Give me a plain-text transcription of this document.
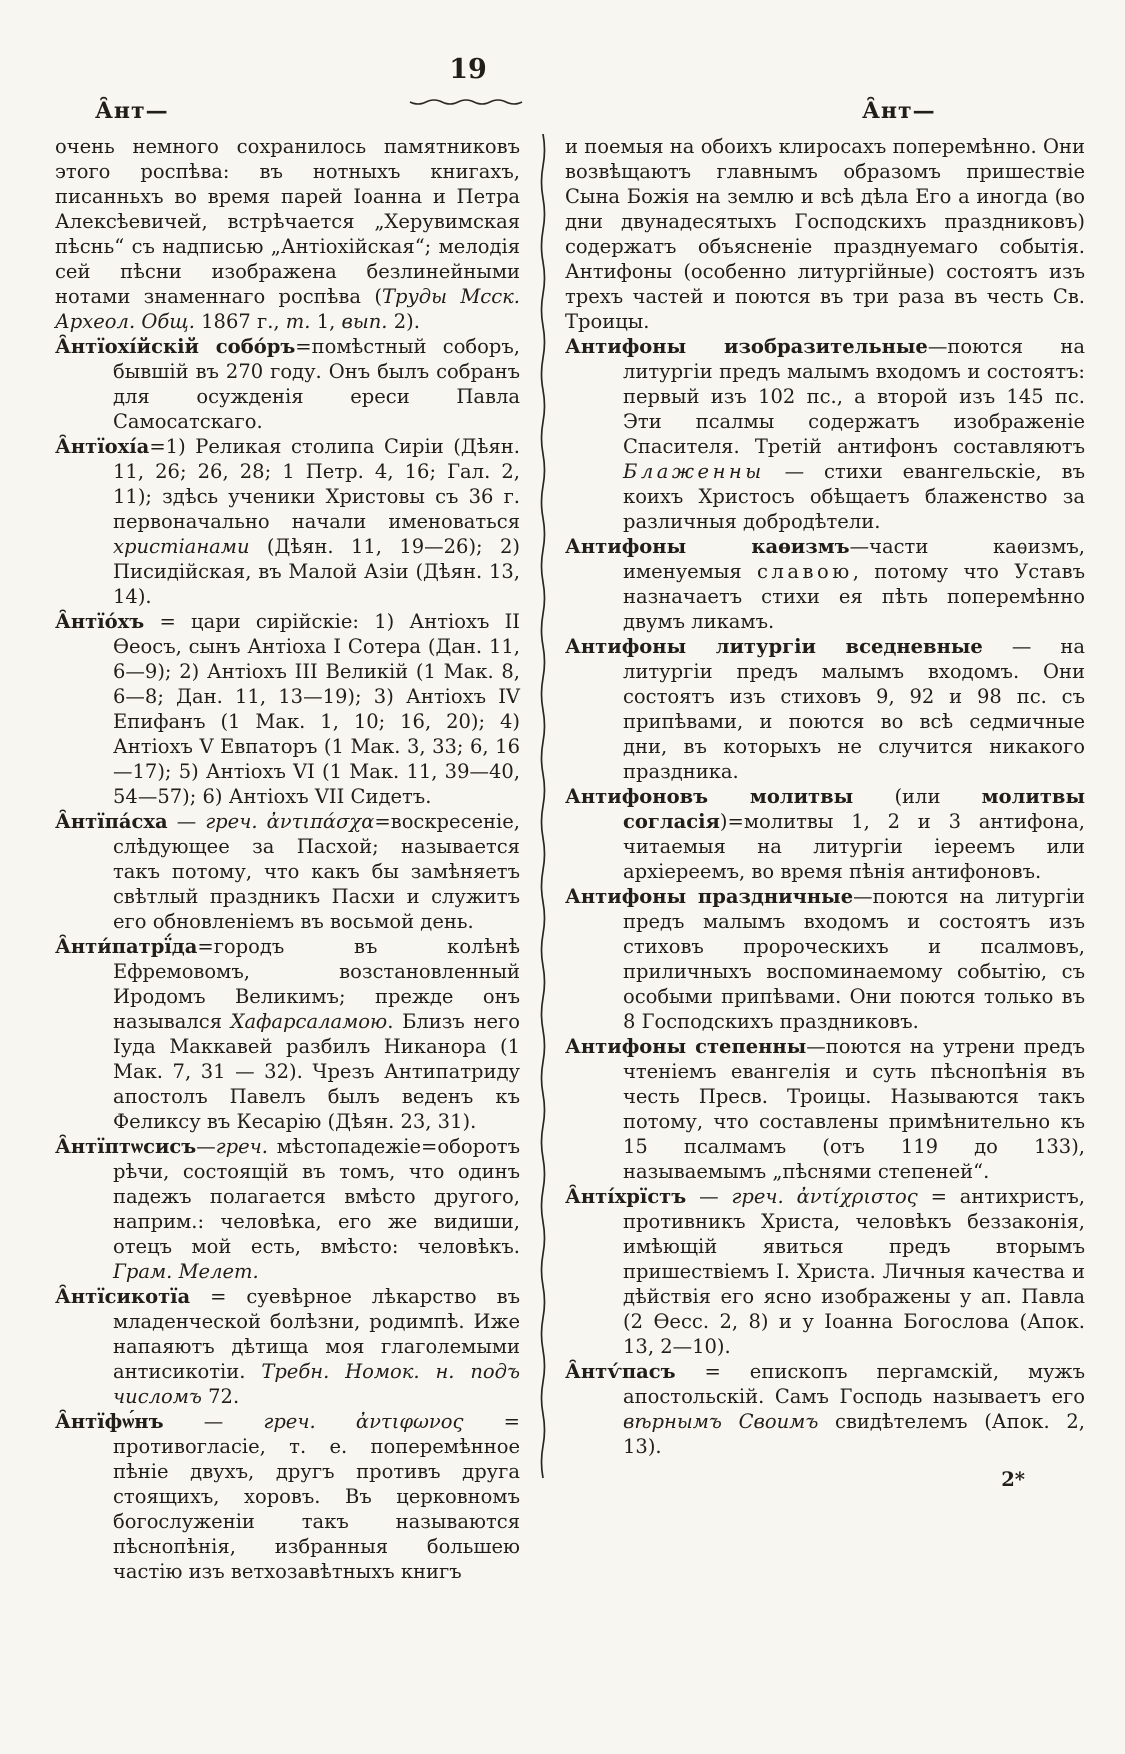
А̑нт—
19
А̑нт—

очень немного сохранилось памятниковъ этого роспѣва: въ нотныхъ книгахъ, писанньхъ во время парей Іоанна и Петра Алексѣевичей, встрѣчается „Херувимская пѣснь“ съ надписью „Антіохійская“; мелодія сей пѣсни изображена безлинейными нотами знаменнаго роспѣва (Труды Мсск. Археол. Общ. 1867 г., т. 1, вып. 2).

А̑нтїохі́йскій собо́ръ=помѣстный соборъ, бывшій въ 270 году. Онъ былъ собранъ для осужденія ереси Павла Самосатскаго.

А̑нтїохі́а=1) Реликая столипа Сиріи (Дѣян. 11, 26; 26, 28; 1 Петр. 4, 16; Гал. 2, 11); здѣсь ученики Христовы съ 36 г. первоначально начали именоваться христіанами (Дѣян. 11, 19—26); 2) Писидійская, въ Малой Азіи (Дѣян. 13, 14).

А̑нтїо́хъ = цари сирійскіе: 1) Антіохъ II Ѳеосъ, сынъ Антіоха I Сотера (Дан. 11, 6—9); 2) Антіохъ III Великій (1 Мак. 8, 6—8; Дан. 11, 13—19); 3) Антіохъ IV Епифанъ (1 Мак. 1, 10; 16, 20); 4) Антіохъ V Евпаторъ (1 Мак. 3, 33; 6, 16—17); 5) Антіохъ VI (1 Мак. 11, 39—40, 54—57); 6) Антіохъ VII Сидетъ.

А̑нтїпа́сха — греч. ἀντιπάσχα=воскресеніе, слѣдующее за Пасхой; называется такъ потому, что какъ бы замѣняетъ свѣтлый праздникъ Пасхи и служитъ его обновленіемъ въ восьмой день.

А̑нти́патрї́да=городъ въ колѣнѣ Ефремовомъ, возстановленный Иродомъ Великимъ; прежде онъ назывался Хафарсаламою. Близъ него Іуда Маккавей разбилъ Никанора (1 Мак. 7, 31 — 32). Чрезъ Антипатриду апостолъ Павелъ былъ веденъ къ Феликсу въ Кесарію (Дѣян. 23, 31).

А̑нтїптѡсисъ—греч. мѣстопадежіе=оборотъ рѣчи, состоящій въ томъ, что одинъ падежъ полагается вмѣсто другого, наприм.: человѣка, его же видиши, отецъ мой есть, вмѣсто: человѣкъ. Грам. Мелет.

А̑нтїсикотїа = суевѣрное лѣкарство въ младенческой болѣзни, родимпѣ. Иже напаяютъ дѣтища моя глаголемыми антисикотіи. Требн. Номок. н. подъ числомъ 72.

А̑нтїфѡ́нъ — греч. ἀντιφωνος = противогласіе, т. е. поперемѣнное пѣніе двухъ, другъ противъ друга стоящихъ, хоровъ. Въ церковномъ богослуженіи такъ называются пѣснопѣнія, избранныя большею частію изъ ветхозавѣтныхъ книгъ

и поемыя на обоихъ клиросахъ поперемѣнно. Они возвѣщаютъ главнымъ образомъ пришествіе Сына Божія на землю и всѣ дѣла Его а иногда (во дни двунадесятыхъ Господскихъ праздниковъ) содержатъ объясненіе празднуемаго событія. Антифоны (особенно литургійные) состоятъ изъ трехъ частей и поются въ три раза въ честь Св. Троицы.

Антифоны изобразительные—поются на литургіи предъ малымъ входомъ и состоятъ: первый изъ 102 пс., а второй изъ 145 пс. Эти псалмы содержатъ изображеніе Спасителя. Третій антифонъ составляютъ Блаженны — стихи евангельскіе, въ коихъ Христосъ обѣщаетъ блаженство за различныя добродѣтели.

Антифоны каѳизмъ—части каѳизмъ, именуемыя славою, потому что Уставъ назначаетъ стихи ея пѣть поперемѣнно двумъ ликамъ.

Антифоны литургіи вседневные — на литургіи предъ малымъ входомъ. Они состоятъ изъ стиховъ 9, 92 и 98 пс. съ припѣвами, и поются во всѣ седмичные дни, въ которыхъ не случится никакого праздника.

Антифоновъ молитвы (или молитвы согласія)=молитвы 1, 2 и 3 антифона, читаемыя на литургіи іереемъ или архіереемъ, во время пѣнія антифоновъ.

Антифоны праздничные—поются на литургіи предъ малымъ входомъ и состоятъ изъ стиховъ пророческихъ и псалмовъ, приличныхъ воспоминаемому событію, съ особыми припѣвами. Они поются только въ 8 Господскихъ праздниковъ.

Антифоны степенны—поются на утрени предъ чтеніемъ евангелія и суть пѣснопѣнія въ честь Пресв. Троицы. Называются такъ потому, что составлены примѣнительно къ 15 псалмамъ (отъ 119 до 133), называемымъ „пѣснями степеней“.

А̑нті́хрїстъ — греч. ἀντίχριστος = антихристъ, противникъ Христа, человѣкъ беззаконія, имѣющій явиться предъ вторымъ пришествіемъ І. Христа. Личныя качества и дѣйствія его ясно изображены у ап. Павла (2 Ѳесс. 2, 8) и у Іоанна Богослова (Апок. 13, 2—10).

А̑нтѵ́пасъ = епископъ пергамскій, мужъ апостольскій. Самъ Господь называетъ его вѣрнымъ Своимъ свидѣтелемъ (Апок. 2, 13).

2*
